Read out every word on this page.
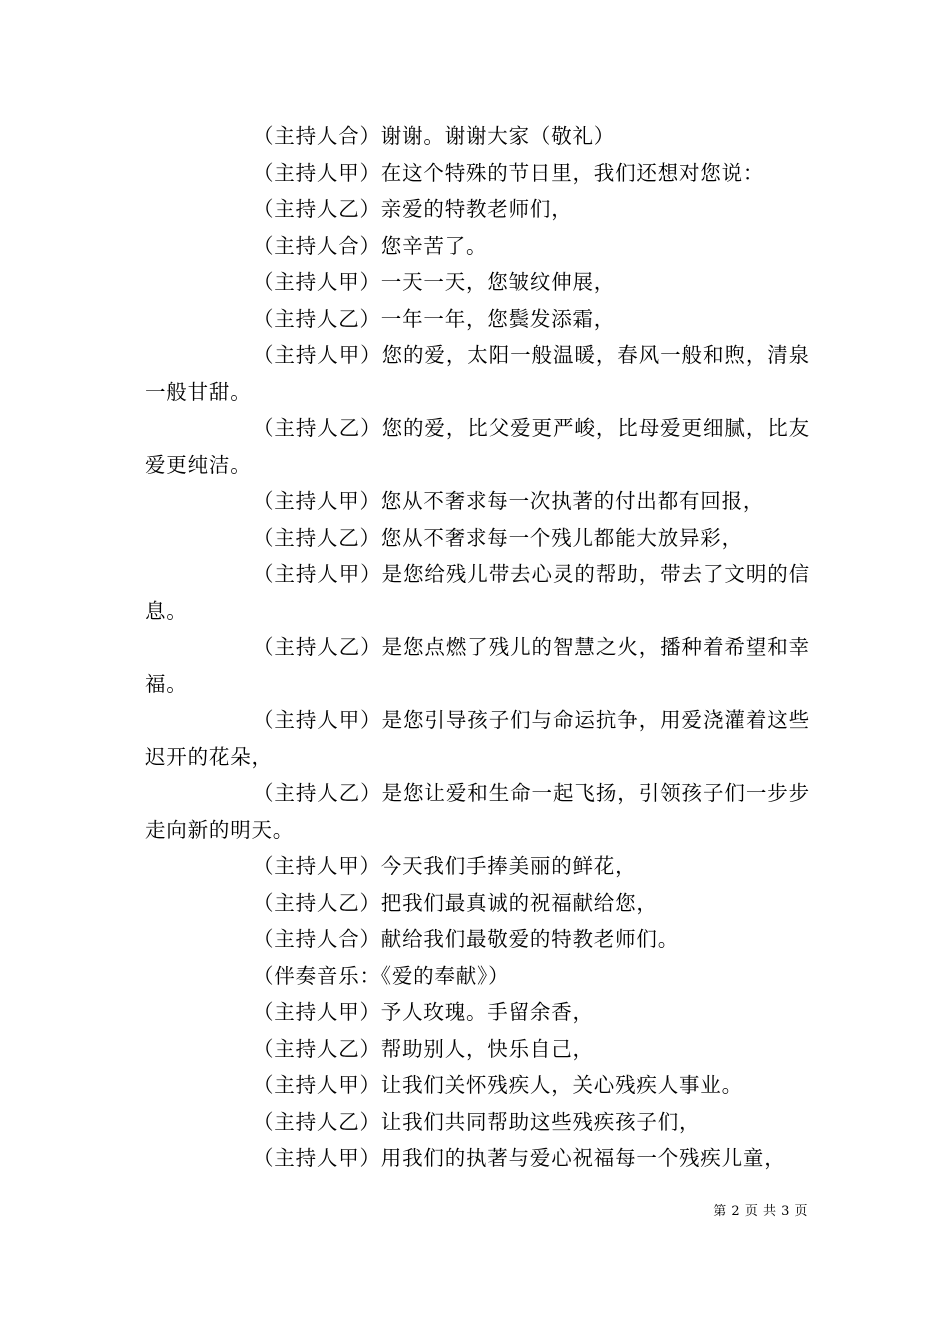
（主持人合）谢谢。谢谢大家（敬礼）

（主持人甲）在这个特殊的节日里，我们还想对您说：

（主持人乙）亲爱的特教老师们，

（主持人合）您辛苦了。

（主持人甲）一天一天，您皱纹伸展，

（主持人乙）一年一年，您鬓发添霜，

（主持人甲）您的爱，太阳一般温暖，春风一般和煦，清泉一般甘甜。

（主持人乙）您的爱，比父爱更严峻，比母爱更细腻，比友爱更纯洁。

（主持人甲）您从不奢求每一次执著的付出都有回报，

（主持人乙）您从不奢求每一个残儿都能大放异彩，

（主持人甲）是您给残儿带去心灵的帮助，带去了文明的信息。

（主持人乙）是您点燃了残儿的智慧之火，播种着希望和幸福。

（主持人甲）是您引导孩子们与命运抗争，用爱浇灌着这些迟开的花朵，

（主持人乙）是您让爱和生命一起飞扬，引领孩子们一步步走向新的明天。

（主持人甲）今天我们手捧美丽的鲜花，

（主持人乙）把我们最真诚的祝福献给您，

（主持人合）献给我们最敬爱的特教老师们。

（伴奏音乐：《爱的奉献》）

（主持人甲）予人玫瑰。手留余香，

（主持人乙）帮助别人，快乐自己，

（主持人甲）让我们关怀残疾人，关心残疾人事业。

（主持人乙）让我们共同帮助这些残疾孩子们，

（主持人甲）用我们的执著与爱心祝福每一个残疾儿童，

第 2 页 共 3 页
